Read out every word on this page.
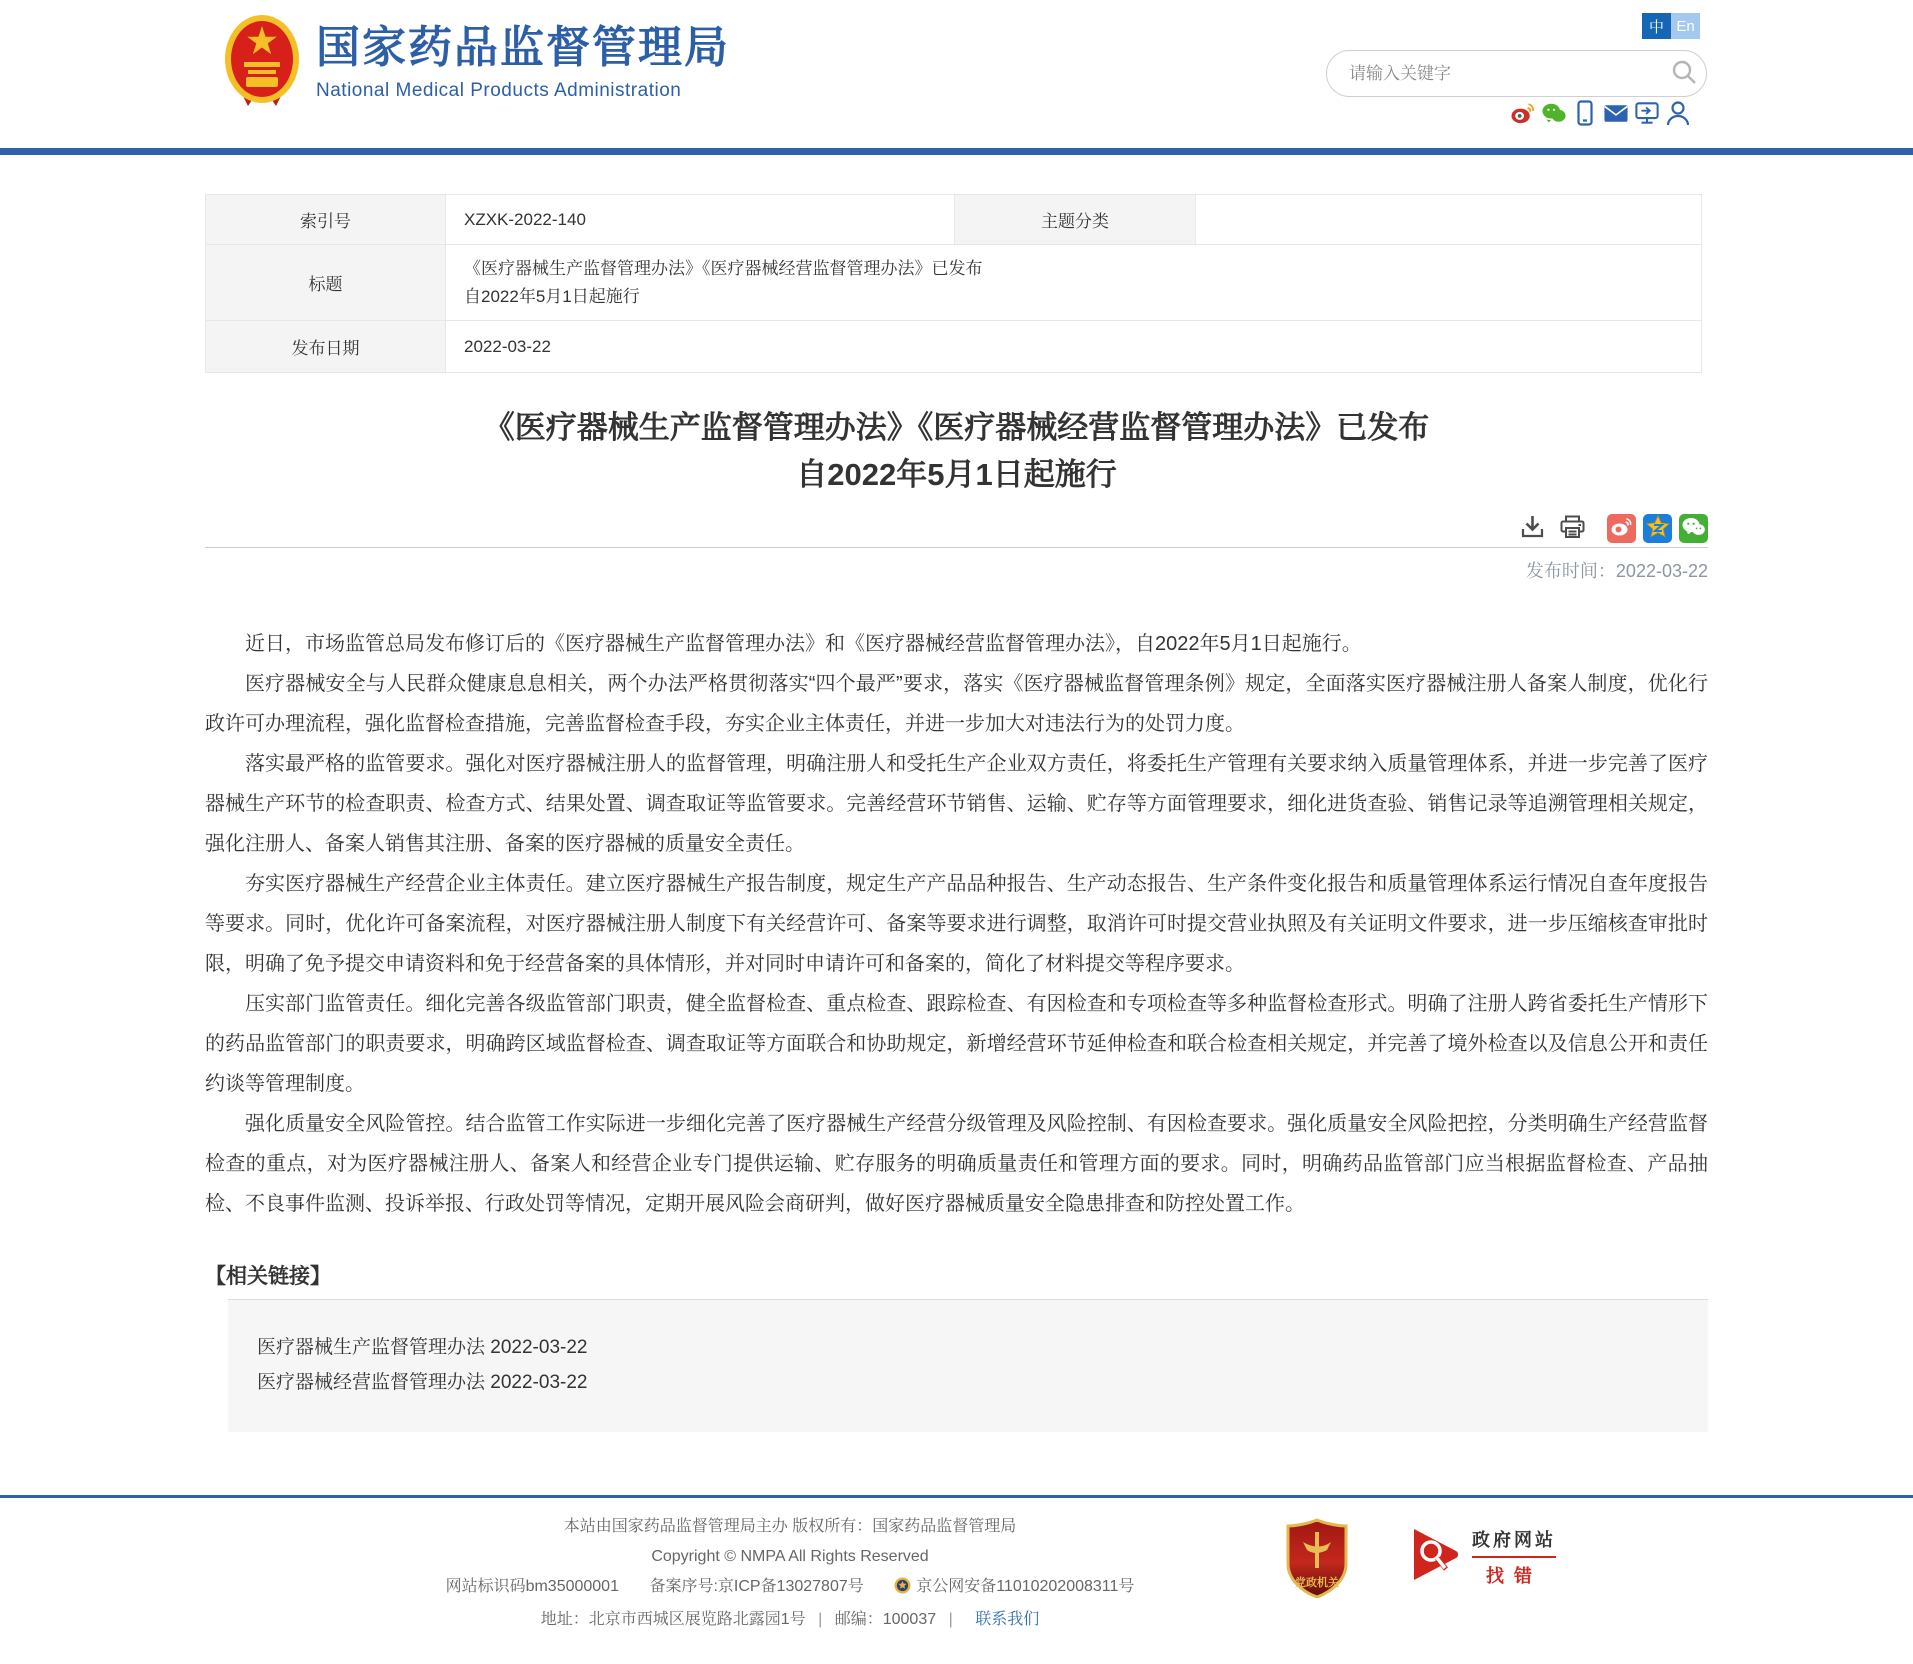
国家药品监督管理局
National Medical Products Administration
中 En
请输入关键字
索引号	XZXK-2022-140	主题分类	
标题	《医疗器械生产监督管理办法》《医疗器械经营监督管理办法》已发布
自2022年5月1日起施行		

发布日期	2022-03-22		
《医疗器械生产监督管理办法》《医疗器械经营监督管理办法》已发布
自2022年5月1日起施行
发布时间：2022-03-22

近日，市场监管总局发布修订后的《医疗器械生产监督管理办法》和《医疗器械经营监督管理办法》，自2022年5月1日起施行。

医疗器械安全与人民群众健康息息相关，两个办法严格贯彻落实“四个最严”要求，落实《医疗器械监督管理条例》规定，全面落实医疗器械注册人备案人制度，优化行政许可办理流程，强化监督检查措施，完善监督检查手段，夯实企业主体责任，并进一步加大对违法行为的处罚力度。

落实最严格的监管要求。强化对医疗器械注册人的监督管理，明确注册人和受托生产企业双方责任，将委托生产管理有关要求纳入质量管理体系，并进一步完善了医疗器械生产环节的检查职责、检查方式、结果处置、调查取证等监管要求。完善经营环节销售、运输、贮存等方面管理要求，细化进货查验、销售记录等追溯管理相关规定，强化注册人、备案人销售其注册、备案的医疗器械的质量安全责任。

夯实医疗器械生产经营企业主体责任。建立医疗器械生产报告制度，规定生产产品品种报告、生产动态报告、生产条件变化报告和质量管理体系运行情况自查年度报告等要求。同时，优化许可备案流程，对医疗器械注册人制度下有关经营许可、备案等要求进行调整，取消许可时提交营业执照及有关证明文件要求，进一步压缩核查审批时限，明确了免予提交申请资料和免于经营备案的具体情形，并对同时申请许可和备案的，简化了材料提交等程序要求。

压实部门监管责任。细化完善各级监管部门职责，健全监督检查、重点检查、跟踪检查、有因检查和专项检查等多种监督检查形式。明确了注册人跨省委托生产情形下的药品监管部门的职责要求，明确跨区域监督检查、调查取证等方面联合和协助规定，新增经营环节延伸检查和联合检查相关规定，并完善了境外检查以及信息公开和责任约谈等管理制度。

强化质量安全风险管控。结合监管工作实际进一步细化完善了医疗器械生产经营分级管理及风险控制、有因检查要求。强化质量安全风险把控，分类明确生产经营监督检查的重点，对为医疗器械注册人、备案人和经营企业专门提供运输、贮存服务的明确质量责任和管理方面的要求。同时，明确药品监管部门应当根据监督检查、产品抽检、不良事件监测、投诉举报、行政处罚等情况，定期开展风险会商研判，做好医疗器械质量安全隐患排查和防控处置工作。

【相关链接】
医疗器械生产监督管理办法 2022-03-22
医疗器械经营监督管理办法 2022-03-22
本站由国家药品监督管理局主办 版权所有：国家药品监督管理局
Copyright © NMPA All Rights Reserved
网站标识码bm35000001 备案序号:京ICP备13027807号	京公网安备11010202008311号
地址：北京市西城区展览路北露园1号 | 邮编：100037 | 联系我们
党政机关
政府网站
找错
